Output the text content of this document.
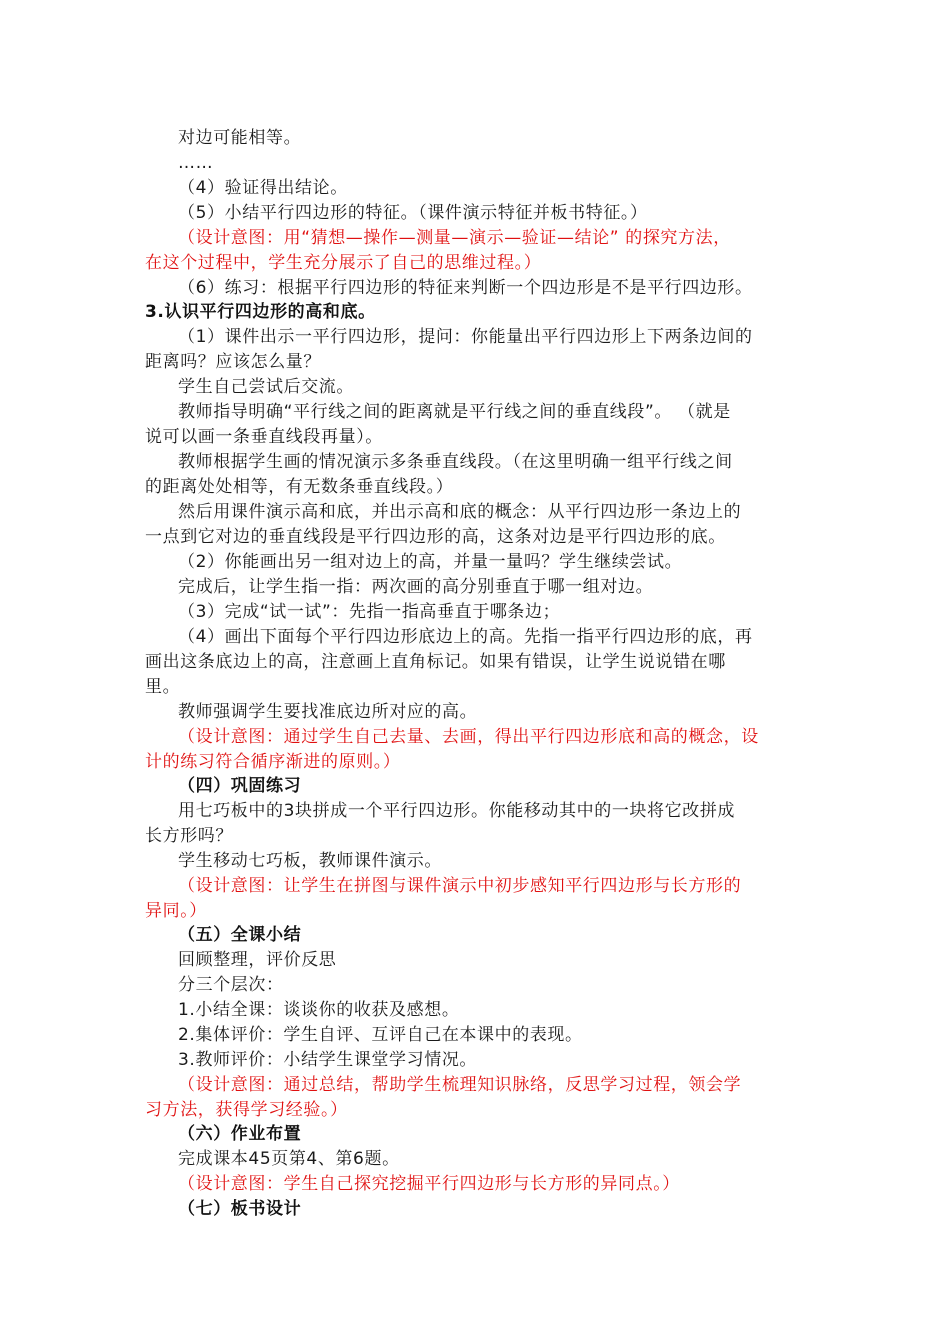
对边可能相等。

……

（4）验证得出结论。

（5）小结平行四边形的特征。（课件演示特征并板书特征。）

（设计意图：用“猜想—操作—测量—演示—验证—结论” 的探究方法，

在这个过程中，学生充分展示了自己的思维过程。）

（6）练习：根据平行四边形的特征来判断一个四边形是不是平行四边形。

3.认识平行四边形的高和底。

（1）课件出示一平行四边形，提问：你能量出平行四边形上下两条边间的

距离吗？应该怎么量？

学生自己尝试后交流。

教师指导明确“平行线之间的距离就是平行线之间的垂直线段”。 （就是

说可以画一条垂直线段再量）。

教师根据学生画的情况演示多条垂直线段。（在这里明确一组平行线之间

的距离处处相等，有无数条垂直线段。）

然后用课件演示高和底，并出示高和底的概念：从平行四边形一条边上的

一点到它对边的垂直线段是平行四边形的高，这条对边是平行四边形的底。

（2）你能画出另一组对边上的高，并量一量吗？学生继续尝试。

完成后，让学生指一指：两次画的高分别垂直于哪一组对边。

（3）完成“试一试”：先指一指高垂直于哪条边；

（4）画出下面每个平行四边形底边上的高。先指一指平行四边形的底，再

画出这条底边上的高，注意画上直角标记。如果有错误，让学生说说错在哪

里。

教师强调学生要找准底边所对应的高。

（设计意图：通过学生自己去量、去画，得出平行四边形底和高的概念，设

计的练习符合循序渐进的原则。）

（四）巩固练习

用七巧板中的3块拼成一个平行四边形。你能移动其中的一块将它改拼成

长方形吗？

学生移动七巧板，教师课件演示。

（设计意图：让学生在拼图与课件演示中初步感知平行四边形与长方形的

异同。）

（五）全课小结

回顾整理，评价反思

分三个层次：

1.小结全课：谈谈你的收获及感想。

2.集体评价：学生自评、互评自己在本课中的表现。

3.教师评价：小结学生课堂学习情况。

（设计意图：通过总结，帮助学生梳理知识脉络，反思学习过程，领会学

习方法，获得学习经验。）

（六）作业布置

完成课本45页第4、第6题。

（设计意图：学生自己探究挖掘平行四边形与长方形的异同点。）

（七）板书设计
